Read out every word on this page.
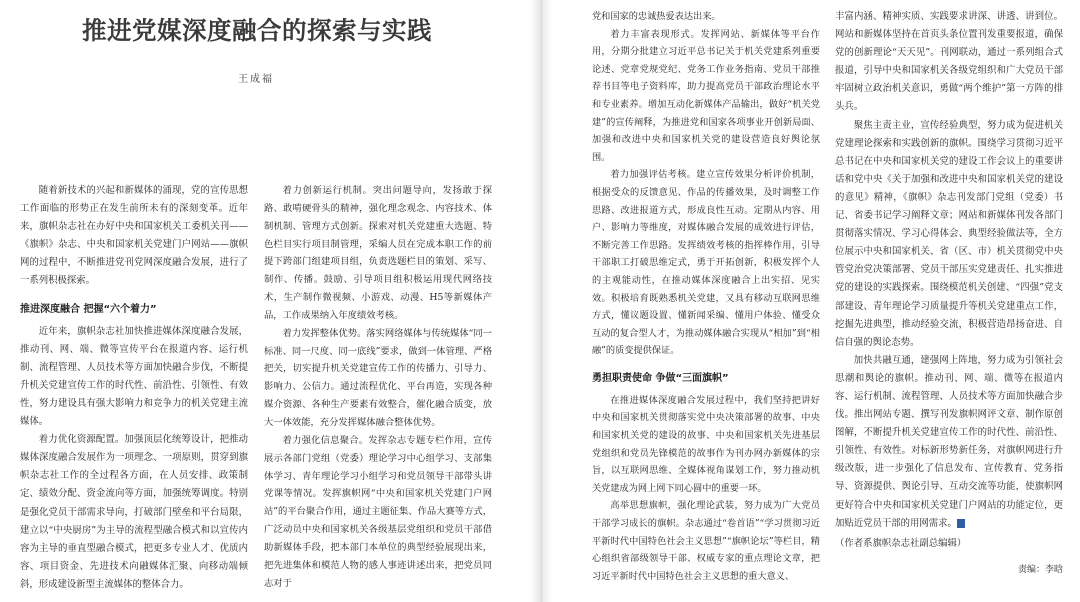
推进党媒深度融合的探索与实践
王成福

随着新技术的兴起和新媒体的涌现，党的宣传思想工作面临的形势正在发生前所未有的深刻变革。近年来，旗帜杂志社在办好中央和国家机关工委机关刊——《旗帜》杂志、中央和国家机关党建门户网站——旗帜网的过程中，不断推进党刊党网深度融合发展，进行了一系列积极探索。

推进深度融合 把握“六个着力”

近年来，旗帜杂志社加快推进媒体深度融合发展，推动刊、网、端、微等宣传平台在报道内容、运行机制、流程管理、人员技术等方面加快融合步伐，不断提升机关党建宣传工作的时代性、前沿性、引领性、有效性，努力建设具有强大影响力和竞争力的机关党建主流媒体。

着力优化资源配置。加强顶层化统筹设计，把推动媒体深度融合发展作为一项理念、一项原则，贯穿到旗帜杂志社工作的全过程各方面，在人员安排、政策制定、绩效分配、资金流向等方面，加强统筹调度。特别是强化党员干部需求导向，打破部门壁垒和平台局限，建立以“中央厨房”为主导的流程型融合模式和以宣传内容为主导的垂直型融合模式，把更多专业人才、优质内容、项目资金、先进技术向融媒体汇聚、向移动端倾斜，形成建设新型主流媒体的整体合力。

着力创新运行机制。突出问题导向，发扬敢于探路、敢啃硬骨头的精神，强化理念观念、内容技术、体制机制、管理方式创新。探索对机关党建重大选题、特色栏目实行项目制管理，采编人员在完成本职工作的前提下跨部门组建项目组，负责选题栏目的策划、采写、制作、传播。鼓励、引导项目组积极运用现代网络技术，生产制作微视频、小游戏、动漫、H5等新媒体产品，工作成果纳入年度绩效考核。

着力发挥整体优势。落实网络媒体与传统媒体“同一标准、同一尺度、同一底线”要求，做到一体管理、严格把关，切实提升机关党建宣传工作的传播力、引导力、影响力、公信力。通过流程优化、平台再造，实现各种媒介资源、各种生产要素有效整合，催化融合质变，放大一体效能，充分发挥媒体融合整体优势。

着力强化信息聚合。发挥杂志专题专栏作用，宣传展示各部门党组（党委）理论学习中心组学习、支部集体学习、青年理论学习小组学习和党员领导干部带头讲党课等情况。发挥旗帜网“中央和国家机关党建门户网站”的平台聚合作用，通过主题征集、作品大赛等方式，广泛动员中央和国家机关各级基层党组织和党员干部借助新媒体手段，把本部门本单位的典型经验展现出来，把先进集体和模范人物的感人事迹讲述出来，把党员同志对于

党和国家的忠诚热爱表达出来。

着力丰富表现形式。发挥网站、新媒体等平台作用，分期分批建立习近平总书记关于机关党建系列重要论述、党章党规党纪、党务工作业务指南、党员干部推荐书目等电子资料库，助力提高党员干部政治理论水平和专业素养。增加互动化新媒体产品输出，做好“机关党建”的宣传阐释，为推进党和国家各项事业开创新局面、加强和改进中央和国家机关党的建设营造良好舆论氛围。

着力加强评估考核。建立宣传效果分析评价机制，根据受众的反馈意见、作品的传播效果，及时调整工作思路、改进报道方式，形成良性互动。定期从内容、用户、影响力等维度，对媒体融合发展的成效进行评估，不断完善工作思路。发挥绩效考核的指挥棒作用，引导干部职工打破思维定式，勇于开拓创新，积极发挥个人的主观能动性，在推动媒体深度融合上出实招、见实效。积极培育既熟悉机关党建，又具有移动互联网思维方式，懂议题设置、懂新闻采编、懂用户体验、懂受众互动的复合型人才，为推动媒体融合实现从“相加”到“相融”的质变提供保证。

勇担职责使命 争做“三面旗帜”

在推进媒体深度融合发展过程中，我们坚持把讲好中央和国家机关贯彻落实党中央决策部署的故事、中央和国家机关党的建设的故事、中央和国家机关先进基层党组织和党员先锋模范的故事作为刊办网办新媒体的宗旨，以互联网思维、全媒体视角谋划工作，努力推动机关党建成为网上网下同心圆中的重要一环。

高举思想旗帜，强化理论武装，努力成为广大党员干部学习成长的旗帜。杂志通过“卷首语”“学习贯彻习近平新时代中国特色社会主义思想”“旗帜论坛”等栏目，精心组织省部级领导干部、权威专家的重点理论文章，把习近平新时代中国特色社会主义思想的重大意义、

丰富内涵、精神实质、实践要求讲深、讲透、讲到位。网站和新媒体坚持在首页头条位置刊发重要报道，确保党的创新理论“天天见”。刊网联动，通过一系列组合式报道，引导中央和国家机关各级党组织和广大党员干部牢固树立政治机关意识，勇做“两个维护”第一方阵的排头兵。

聚焦主责主业，宣传经验典型，努力成为促进机关党建理论探索和实践创新的旗帜。围绕学习贯彻习近平总书记在中央和国家机关党的建设工作会议上的重要讲话和党中央《关于加强和改进中央和国家机关党的建设的意见》精神，《旗帜》杂志刊发部门党组（党委）书记、省委书记学习阐释文章；网站和新媒体刊发各部门贯彻落实情况、学习心得体会、典型经验做法等，全方位展示中央和国家机关、省（区、市）机关贯彻党中央管党治党决策部署、党员干部压实党建责任、扎实推进党的建设的实践探索。围绕模范机关创建、“四强”党支部建设、青年理论学习质量提升等机关党建重点工作，挖掘先进典型，推动经验交流，积极营造昂扬奋进、自信自强的舆论态势。

加快共融互通，建强网上阵地，努力成为引领社会思潮和舆论的旗帜。推动刊、网、端、微等在报道内容、运行机制、流程管理、人员技术等方面加快融合步伐。推出网站专题、撰写刊发旗帜网评文章、制作原创图解，不断提升机关党建宣传工作的时代性、前沿性、引领性、有效性。对标新形势新任务，对旗帜网进行升级改版，进一步强化了信息发布、宣传教育、党务指导、资源提供、舆论引导、互动交流等功能，使旗帜网更好符合中央和国家机关党建门户网站的功能定位，更加贴近党员干部的用网需求。	旗

（作者系旗帜杂志社副总编辑）

责编：李晗
